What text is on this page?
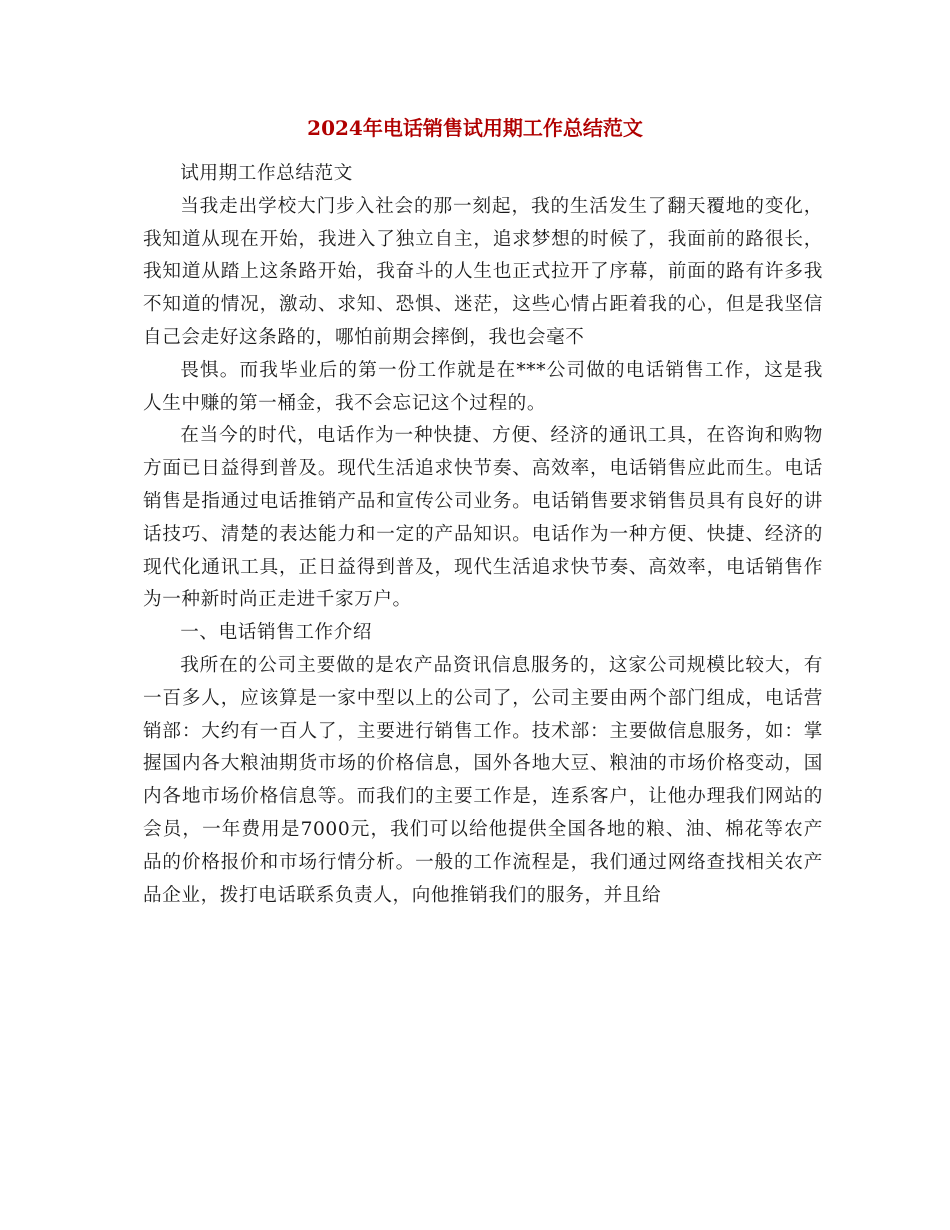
2024年电话销售试用期工作总结范文

试用期工作总结范文

当我走出学校大门步入社会的那一刻起，我的生活发生了翻天覆地的变化，我知道从现在开始，我进入了独立自主，追求梦想的时候了，我面前的路很长，我知道从踏上这条路开始，我奋斗的人生也正式拉开了序幕，前面的路有许多我不知道的情况，激动、求知、恐惧、迷茫，这些心情占距着我的心，但是我坚信自己会走好这条路的，哪怕前期会摔倒，我也会毫不

畏惧。而我毕业后的第一份工作就是在***公司做的电话销售工作，这是我人生中赚的第一桶金，我不会忘记这个过程的。

在当今的时代，电话作为一种快捷、方便、经济的通讯工具，在咨询和购物方面已日益得到普及。现代生活追求快节奏、高效率，电话销售应此而生。电话销售是指通过电话推销产品和宣传公司业务。电话销售要求销售员具有良好的讲话技巧、清楚的表达能力和一定的产品知识。电话作为一种方便、快捷、经济的现代化通讯工具，正日益得到普及，现代生活追求快节奏、高效率，电话销售作为一种新时尚正走进千家万户。

一、电话销售工作介绍

我所在的公司主要做的是农产品资讯信息服务的，这家公司规模比较大，有一百多人，应该算是一家中型以上的公司了，公司主要由两个部门组成，电话营销部：大约有一百人了，主要进行销售工作。技术部：主要做信息服务，如：掌握国内各大粮油期货市场的价格信息，国外各地大豆、粮油的市场价格变动，国内各地市场价格信息等。而我们的主要工作是，连系客户，让他办理我们网站的会员，一年费用是7000元，我们可以给他提供全国各地的粮、油、棉花等农产品的价格报价和市场行情分析。一般的工作流程是，我们通过网络查找相关农产品企业，拨打电话联系负责人，向他推销我们的服务，并且给
